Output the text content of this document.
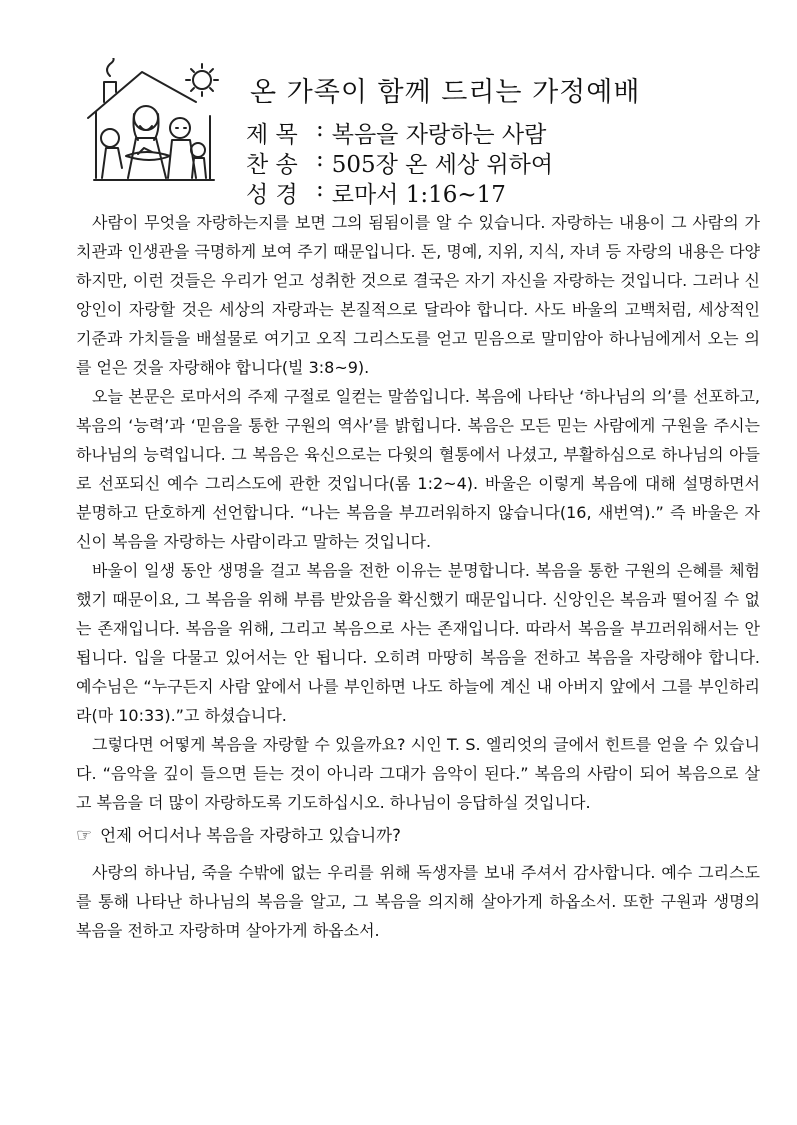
온 가족이 함께 드리는 가정예배
제 목 : 복음을 자랑하는 사람
찬 송 : 505장 온 세상 위하여
성 경 : 로마서 1:16~17

사람이 무엇을 자랑하는지를 보면 그의 됨됨이를 알 수 있습니다. 자랑하는 내용이 그 사람의 가치관과 인생관을 극명하게 보여 주기 때문입니다. 돈, 명예, 지위, 지식, 자녀 등 자랑의 내용은 다양하지만, 이런 것들은 우리가 얻고 성취한 것으로 결국은 자기 자신을 자랑하는 것입니다. 그러나 신앙인이 자랑할 것은 세상의 자랑과는 본질적으로 달라야 합니다. 사도 바울의 고백처럼, 세상적인 기준과 가치들을 배설물로 여기고 오직 그리스도를 얻고 믿음으로 말미암아 하나님에게서 오는 의를 얻은 것을 자랑해야 합니다(빌 3:8~9).

오늘 본문은 로마서의 주제 구절로 일컫는 말씀입니다. 복음에 나타난 ‘하나님의 의’를 선포하고, 복음의 ‘능력’과 ‘믿음을 통한 구원의 역사’를 밝힙니다. 복음은 모든 믿는 사람에게 구원을 주시는 하나님의 능력입니다. 그 복음은 육신으로는 다윗의 혈통에서 나셨고, 부활하심으로 하나님의 아들로 선포되신 예수 그리스도에 관한 것입니다(롬 1:2~4). 바울은 이렇게 복음에 대해 설명하면서 분명하고 단호하게 선언합니다. “나는 복음을 부끄러워하지 않습니다(16, 새번역).” 즉 바울은 자신이 복음을 자랑하는 사람이라고 말하는 것입니다.

바울이 일생 동안 생명을 걸고 복음을 전한 이유는 분명합니다. 복음을 통한 구원의 은혜를 체험했기 때문이요, 그 복음을 위해 부름 받았음을 확신했기 때문입니다. 신앙인은 복음과 떨어질 수 없는 존재입니다. 복음을 위해, 그리고 복음으로 사는 존재입니다. 따라서 복음을 부끄러워해서는 안 됩니다. 입을 다물고 있어서는 안 됩니다. 오히려 마땅히 복음을 전하고 복음을 자랑해야 합니다. 예수님은 “누구든지 사람 앞에서 나를 부인하면 나도 하늘에 계신 내 아버지 앞에서 그를 부인하리라(마 10:33).”고 하셨습니다.

그렇다면 어떻게 복음을 자랑할 수 있을까요? 시인 T. S. 엘리엇의 글에서 힌트를 얻을 수 있습니다. “음악을 깊이 들으면 듣는 것이 아니라 그대가 음악이 된다.” 복음의 사람이 되어 복음으로 살고 복음을 더 많이 자랑하도록 기도하십시오. 하나님이 응답하실 것입니다.

☞ 언제 어디서나 복음을 자랑하고 있습니까?

사랑의 하나님, 죽을 수밖에 없는 우리를 위해 독생자를 보내 주셔서 감사합니다. 예수 그리스도를 통해 나타난 하나님의 복음을 알고, 그 복음을 의지해 살아가게 하옵소서. 또한 구원과 생명의 복음을 전하고 자랑하며 살아가게 하옵소서.
